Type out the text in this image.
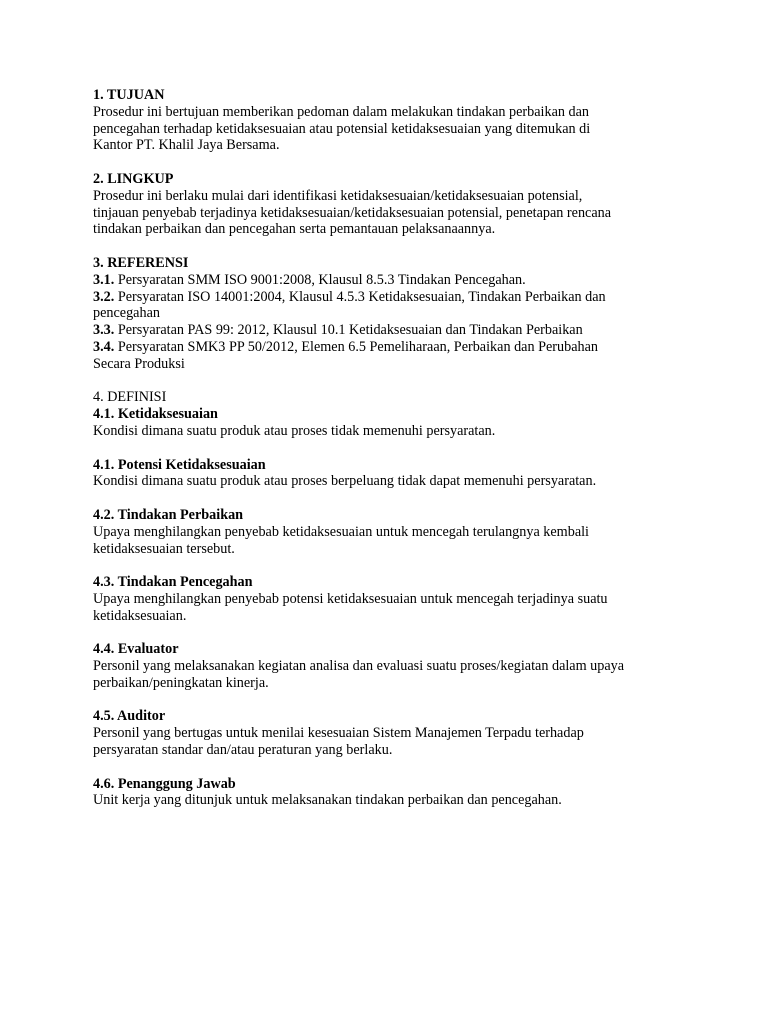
1. TUJUAN
Prosedur ini bertujuan memberikan pedoman dalam melakukan tindakan perbaikan dan
pencegahan terhadap ketidaksesuaian atau potensial ketidaksesuaian yang ditemukan di
Kantor PT. Khalil Jaya Bersama.
2. LINGKUP
Prosedur ini berlaku mulai dari identifikasi ketidaksesuaian/ketidaksesuaian potensial,
tinjauan penyebab terjadinya ketidaksesuaian/ketidaksesuaian potensial, penetapan rencana
tindakan perbaikan dan pencegahan serta pemantauan pelaksanaannya.
3. REFERENSI
3.1. Persyaratan SMM ISO 9001:2008, Klausul 8.5.3 Tindakan Pencegahan.
3.2. Persyaratan ISO 14001:2004, Klausul 4.5.3 Ketidaksesuaian, Tindakan Perbaikan dan
pencegahan
3.3. Persyaratan PAS 99: 2012, Klausul 10.1 Ketidaksesuaian dan Tindakan Perbaikan
3.4. Persyaratan SMK3 PP 50/2012, Elemen 6.5 Pemeliharaan, Perbaikan dan Perubahan
Secara Produksi
4. DEFINISI
4.1. Ketidaksesuaian
Kondisi dimana suatu produk atau proses tidak memenuhi persyaratan.
4.1. Potensi Ketidaksesuaian
Kondisi dimana suatu produk atau proses berpeluang tidak dapat memenuhi persyaratan.
4.2. Tindakan Perbaikan
Upaya menghilangkan penyebab ketidaksesuaian untuk mencegah terulangnya kembali
ketidaksesuaian tersebut.
4.3. Tindakan Pencegahan
Upaya menghilangkan penyebab potensi ketidaksesuaian untuk mencegah terjadinya suatu
ketidaksesuaian.
4.4. Evaluator
Personil yang melaksanakan kegiatan analisa dan evaluasi suatu proses/kegiatan dalam upaya
perbaikan/peningkatan kinerja.
4.5. Auditor
Personil yang bertugas untuk menilai kesesuaian Sistem Manajemen Terpadu terhadap
persyaratan standar dan/atau peraturan yang berlaku.
4.6. Penanggung Jawab
Unit kerja yang ditunjuk untuk melaksanakan tindakan perbaikan dan pencegahan.
